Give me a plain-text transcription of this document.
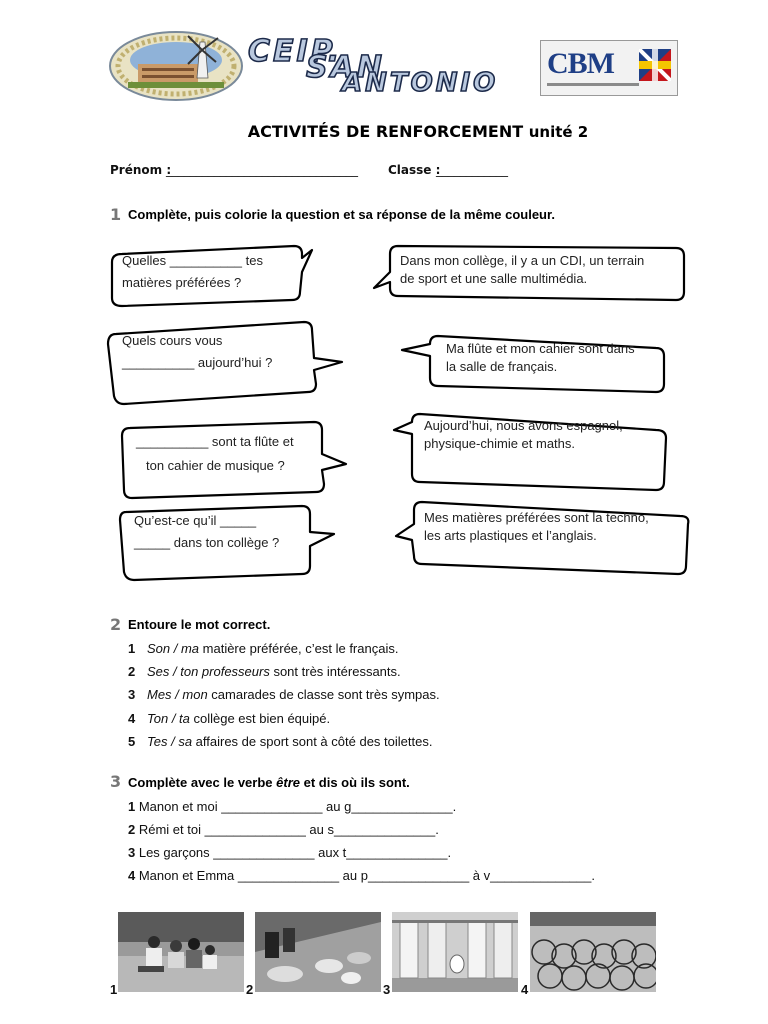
CEIP.
SAN
ANTONIO
CBM
ACTIVITÉS DE RENFORCEMENT unité 2
Prénom :
________________________________	Classe :
____________
1 Complète, puis colorie la question et sa réponse de la même couleur.
Quelles __________ tes
matières préférées ?
Dans mon collège, il y a un CDI, un terrain
de sport et une salle multimédia.
Quels cours vous
__________ aujourd’hui ?
Ma flûte et mon cahier sont dans
la salle de français.
__________ sont ta flûte et
ton cahier de musique ?
Aujourd’hui, nous avons espagnol,
physique-chimie et maths.
Qu’est-ce qu’il _____
_____ dans ton collège ?
Mes matières préférées sont la techno,
les arts plastiques et l’anglais.
2 Entoure le mot correct.
1 Son / ma matière préférée, c’est le français.
2 Ses / ton professeurs sont très intéressants.
3 Mes / mon camarades de classe sont très sympas.
4 Ton / ta collège est bien équipé.
5 Tes / sa affaires de sport sont à côté des toilettes.
3 Complète avec le verbe être et dis où ils sont.
1 Manon et moi ______________ au g______________.
2 Rémi et toi ______________ au s______________.
3 Les garçons ______________ aux t______________.
4 Manon et Emma ______________ au p______________ à v______________.
1	2	3	4
